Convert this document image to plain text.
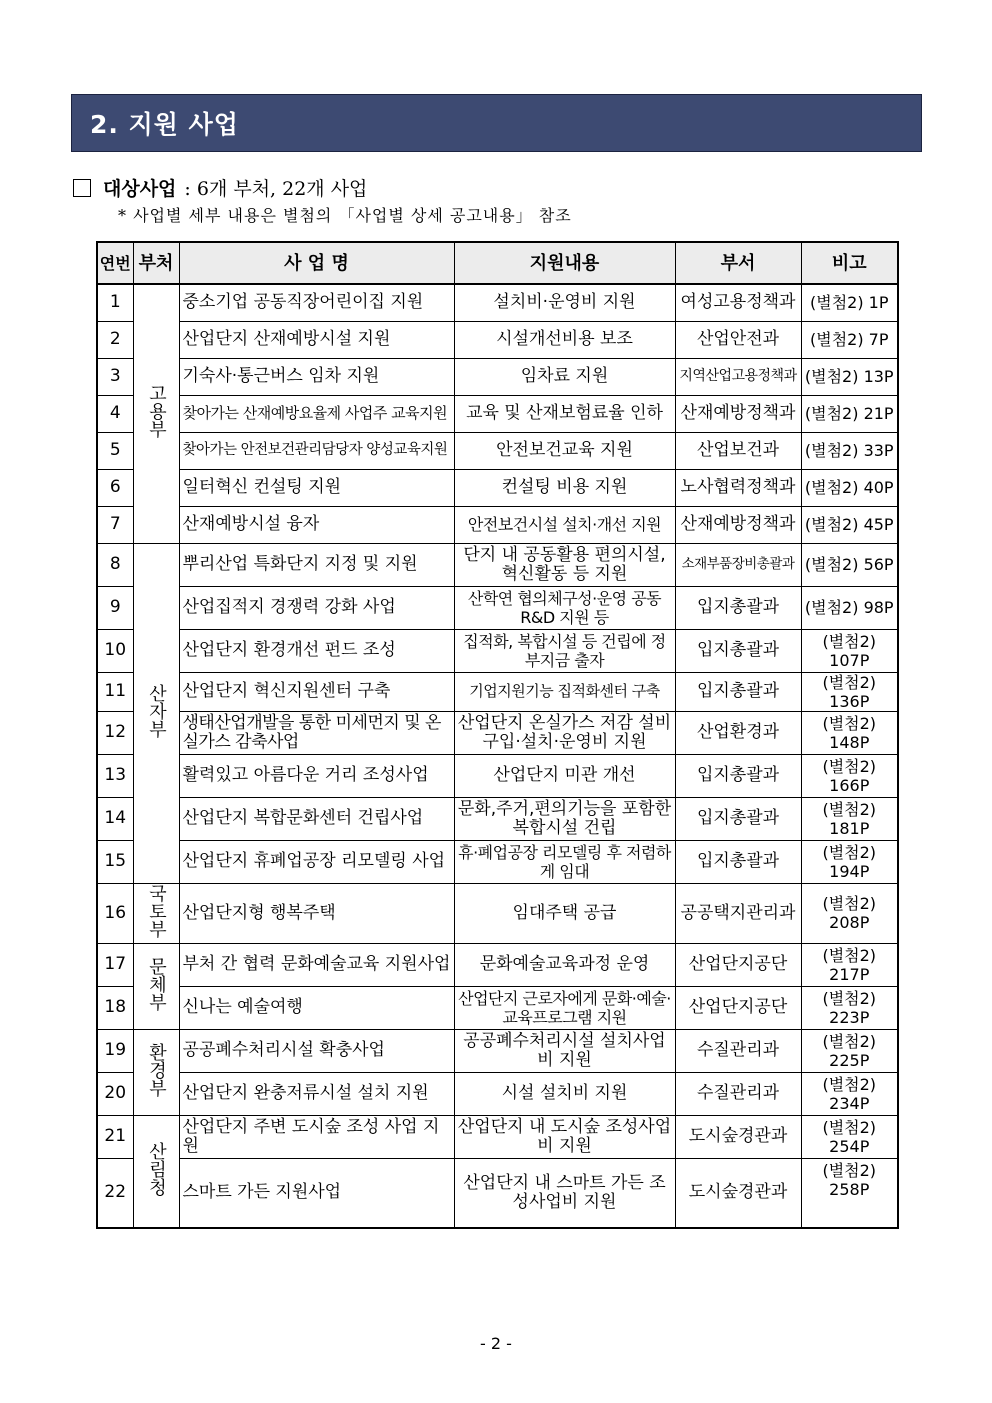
2. 지원 사업
대상사업 : 6개 부처, 22개 사업
* 사업별 세부 내용은 별첨의 「사업별 상세 공고내용」 참조
연번	부처	사 업 명	지원내용	부서	비고
1	고용부	중소기업 공동직장어린이집 지원	설치비·운영비 지원	여성고용정책과	(별첨2) 1P
2		산업단지 산재예방시설 지원	시설개선비용 보조	산업안전과	(별첨2) 7P
3		기숙사·통근버스 임차 지원	임차료 지원	지역산업고용정책과	(별첨2) 13P
4		찾아가는 산재예방요율제 사업주 교육지원	교육 및 산재보험료율 인하	산재예방정책과	(별첨2) 21P
5		찾아가는 안전보건관리담당자 양성교육지원	안전보건교육 지원	산업보건과	(별첨2) 33P
6		일터혁신 컨설팅 지원	컨설팅 비용 지원	노사협력정책과	(별첨2) 40P
7		산재예방시설 융자	안전보건시설 설치·개선 지원	산재예방정책과	(별첨2) 45P
8	산자부	뿌리산업 특화단지 지정 및 지원	단지 내 공동활용 편의시설,혁신활동 등 지원	소재부품장비총괄과	(별첨2) 56P
9		산업집적지 경쟁력 강화 사업	산학연 협의체구성·운영 공동 R&D 지원 등	입지총괄과	(별첨2) 98P
10		산업단지 환경개선 펀드 조성	집적화, 복합시설 등 건립에 정부지금 출자	입지총괄과	(별첨2) 107P
11		산업단지 혁신지원센터 구축	기업지원기능 집적화센터 구축	입지총괄과	(별첨2) 136P
12		생태산업개발을 통한 미세먼지 및 온실가스 감축사업	산업단지 온실가스 저감 설비 구입·설치·운영비 지원	산업환경과	(별첨2) 148P
13		활력있고 아름다운 거리 조성사업	산업단지 미관 개선	입지총괄과	(별첨2) 166P
14		산업단지 복합문화센터 건립사업	문화,주거,편의기능을 포함한 복합시설 건립	입지총괄과	(별첨2) 181P
15		산업단지 휴폐업공장 리모델링 사업	휴·폐업공장 리모델링 후 저렴하게 임대	입지총괄과	(별첨2) 194P
16	국토부	산업단지형 행복주택	임대주택 공급	공공택지관리과	(별첨2) 208P
17	문체부	부처 간 협력 문화예술교육 지원사업	문화예술교육과정 운영	산업단지공단	(별첨2) 217P
18		신나는 예술여행	산업단지 근로자에게 문화·예술·교육프로그램 지원	산업단지공단	(별첨2) 223P
19	환경부	공공폐수처리시설 확충사업	공공폐수처리시설 설치사업비 지원	수질관리과	(별첨2) 225P
20		산업단지 완충저류시설 설치 지원	시설 설치비 지원	수질관리과	(별첨2) 234P
21	산림청	산업단지 주변 도시숲 조성 사업 지원	산업단지 내 도시숲 조성사업비 지원	도시숲경관과	(별첨2) 254P
22		스마트 가든 지원사업	산업단지 내 스마트 가든 조성사업비 지원	도시숲경관과	(별첨2) 258P
- 2 -
